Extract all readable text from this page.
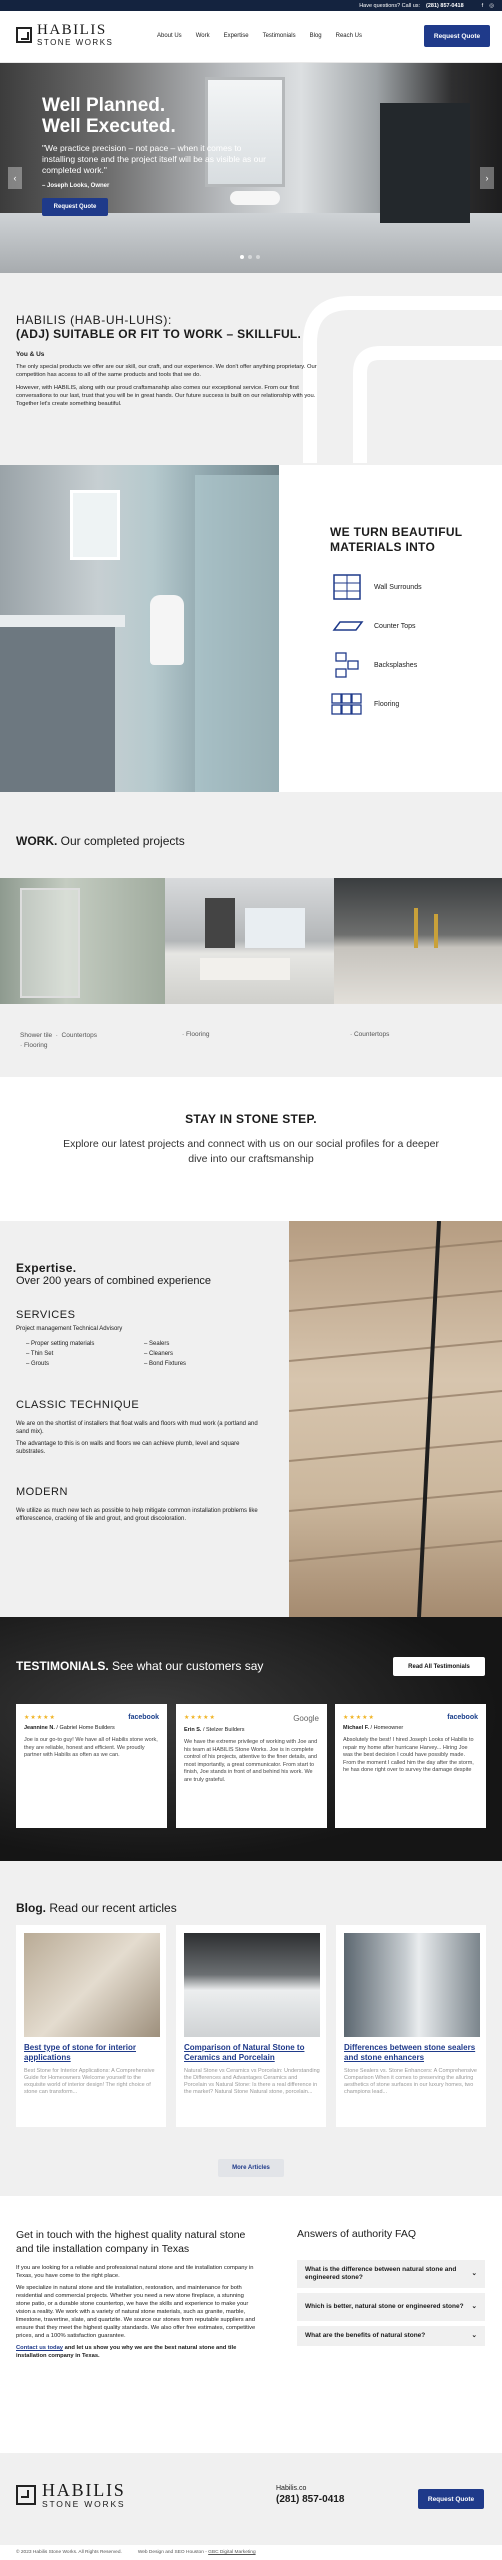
Have questions? Call us: (281) 857-0418	f ◎
HABILIS
STONE WORKS
About Us Work Expertise Testimonials Blog Reach Us	Request Quote
Well Planned.
Well Executed.

"We practice precision – not pace – when it comes to installing stone and the project itself will be as visible as our completed work."

– Joseph Looks, Owner

Request Quote
‹	›
HABILIS (HAB-UH-LUHS):
(ADJ) SUITABLE OR FIT TO WORK – SKILLFUL.
You & Us

The only special products we offer are our skill, our craft, and our experience. We don't offer anything proprietary. Our competition has access to all of the same products and tools that we do.

However, with HABILIS, along with our proud craftsmanship also comes our exceptional service. From our first conversations to our last, trust that you will be in great hands. Our future success is built on our relationship with you. Together let's create something beautiful.

WE TURN BEAUTIFUL MATERIALS INTO
Wall Surrounds
Counter Tops
Backsplashes
Flooring
WORK. Our completed projects
Shower tile  ·  Countertops
· Flooring
· Flooring	· Countertops
STAY IN STONE STEP.

Explore our latest projects and connect with us on our social profiles for a deeper dive into our craftsmanship

Expertise.
Over 200 years of combined experience
SERVICES
Project management Technical Advisory
– Proper setting materials
– Thin Set
– Grouts
– Sealers
– Cleaners
– Bond Fixtures
CLASSIC TECHNIQUE

We are on the shortlist of installers that float walls and floors with mud work (a portland and sand mix).

The advantage to this is on walls and floors we can achieve plumb, level and square substrates.

MODERN

We utilize as much new tech as possible to help mitigate common installation problems like efflorescence, cracking of tile and grout, and grout discoloration.

TESTIMONIALS. See what our customers say	Read All Testimonials
★★★★★	facebook
Jeannine N. / Gabriel Home Builders

Joe is our go-to guy! We have all of Habilis stone work, they are reliable, honest and efficient. We proudly partner with Habilis as often as we can.

★★★★★	Google
Erin S. / Stelzer Builders

We have the extreme privilege of working with Joe and his team at HABILIS Stone Works. Joe is in complete control of his projects, attentive to the finer details, and most importantly, a great communicator. From start to finish, Joe stands in front of and behind his work. We are truly grateful.

★★★★★	facebook
Michael F. / Homeowner

Absolutely the best! I hired Joseph Looks of Habilis to repair my home after hurricane Harvey... Hiring Joe was the best decision I could have possibly made. From the moment I called him the day after the storm, he has done right over to survey the damage despite

Blog. Read our recent articles
Best type of stone for interior applications

Best Stone for Interior Applications: A Comprehensive Guide for Homeowners Welcome yourself to the exquisite world of interior design! The right choice of stone can transform...

Comparison of Natural Stone to Ceramics and Porcelain

Natural Stone vs Ceramics vs Porcelain: Understanding the Differences and Advantages Ceramics and Porcelain vs Natural Stone: Is there a real difference in the market? Natural Stone Natural stone, porcelain...

Differences between stone sealers and stone enhancers

Stone Sealers vs. Stone Enhancers: A Comprehensive Comparison When it comes to preserving the alluring aesthetics of stone surfaces in our luxury homes, two champions lead...

More Articles
Get in touch with the highest quality natural stone and tile installation company in Texas

If you are looking for a reliable and professional natural stone and tile installation company in Texas, you have come to the right place.

We specialize in natural stone and tile installation, restoration, and maintenance for both residential and commercial projects. Whether you need a new stone fireplace, a stunning stone patio, or a durable stone countertop, we have the skills and experience to make your vision a reality. We work with a variety of natural stone materials, such as granite, marble, limestone, travertine, slate, and quartzite. We source our stones from reputable suppliers and ensure that they meet the highest quality standards. We also offer free estimates, competitive prices, and a 100% satisfaction guarantee.

Contact us today and let us show you why we are the best natural stone and tile installation company in Texas.

Answers of authority FAQ
What is the difference between natural stone and engineered stone?
⌄
Which is better, natural stone or engineered stone?	⌄
What are the benefits of natural stone?	⌄
HABILIS
STONE WORKS
Habilis.co
(281) 857-0418	Request Quote
© 2023 Habilis Stone Works. All Rights Reserved.	Web Design and SEO Houston - GBC Digital Marketing
